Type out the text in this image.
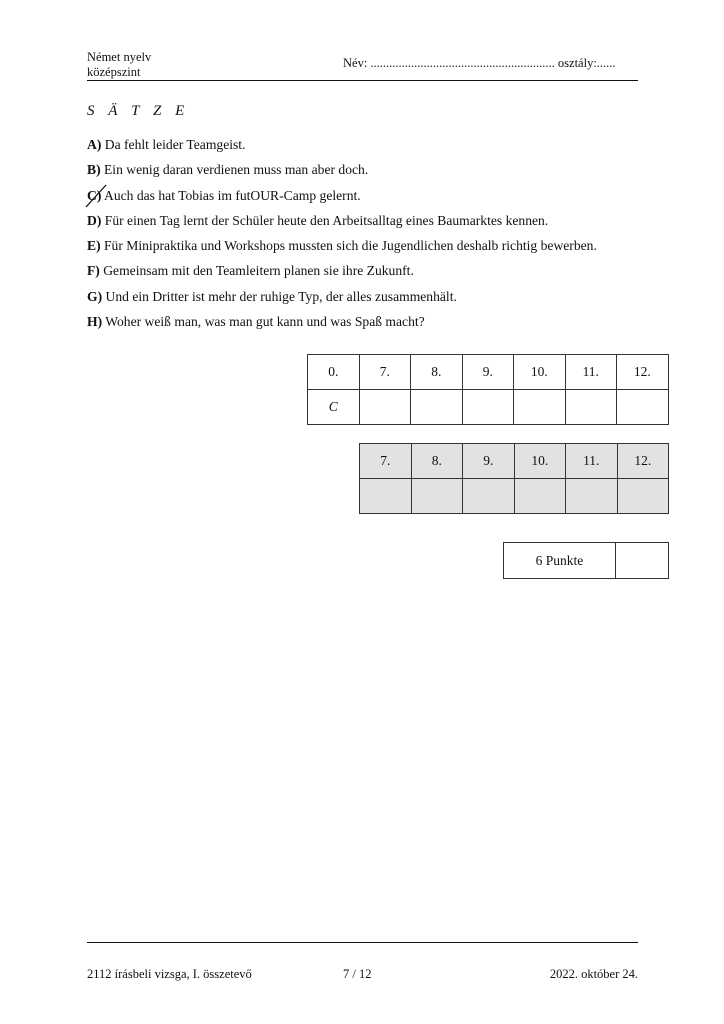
Német nyelv
középszint
Név: ........................................................... osztály:......
S Ä T Z E
A) Da fehlt leider Teamgeist.
B) Ein wenig daran verdienen muss man aber doch.
C) Auch das hat Tobias im futOUR-Camp gelernt.
D) Für einen Tag lernt der Schüler heute den Arbeitsalltag eines Baumarktes kennen.
E) Für Minipraktika und Workshops mussten sich die Jugendlichen deshalb richtig bewerben.
F) Gemeinsam mit den Teamleitern planen sie ihre Zukunft.
G) Und ein Dritter ist mehr der ruhige Typ, der alles zusammenhält.
H) Woher weiß man, was man gut kann und was Spaß macht?
0.	7.	8.	9.	10.	11.	12.
C						
7.	8.	9.	10.	11.	12.

6 Punkte	
2112 írásbeli vizsga, I. összetevő	7 / 12	2022. október 24.
